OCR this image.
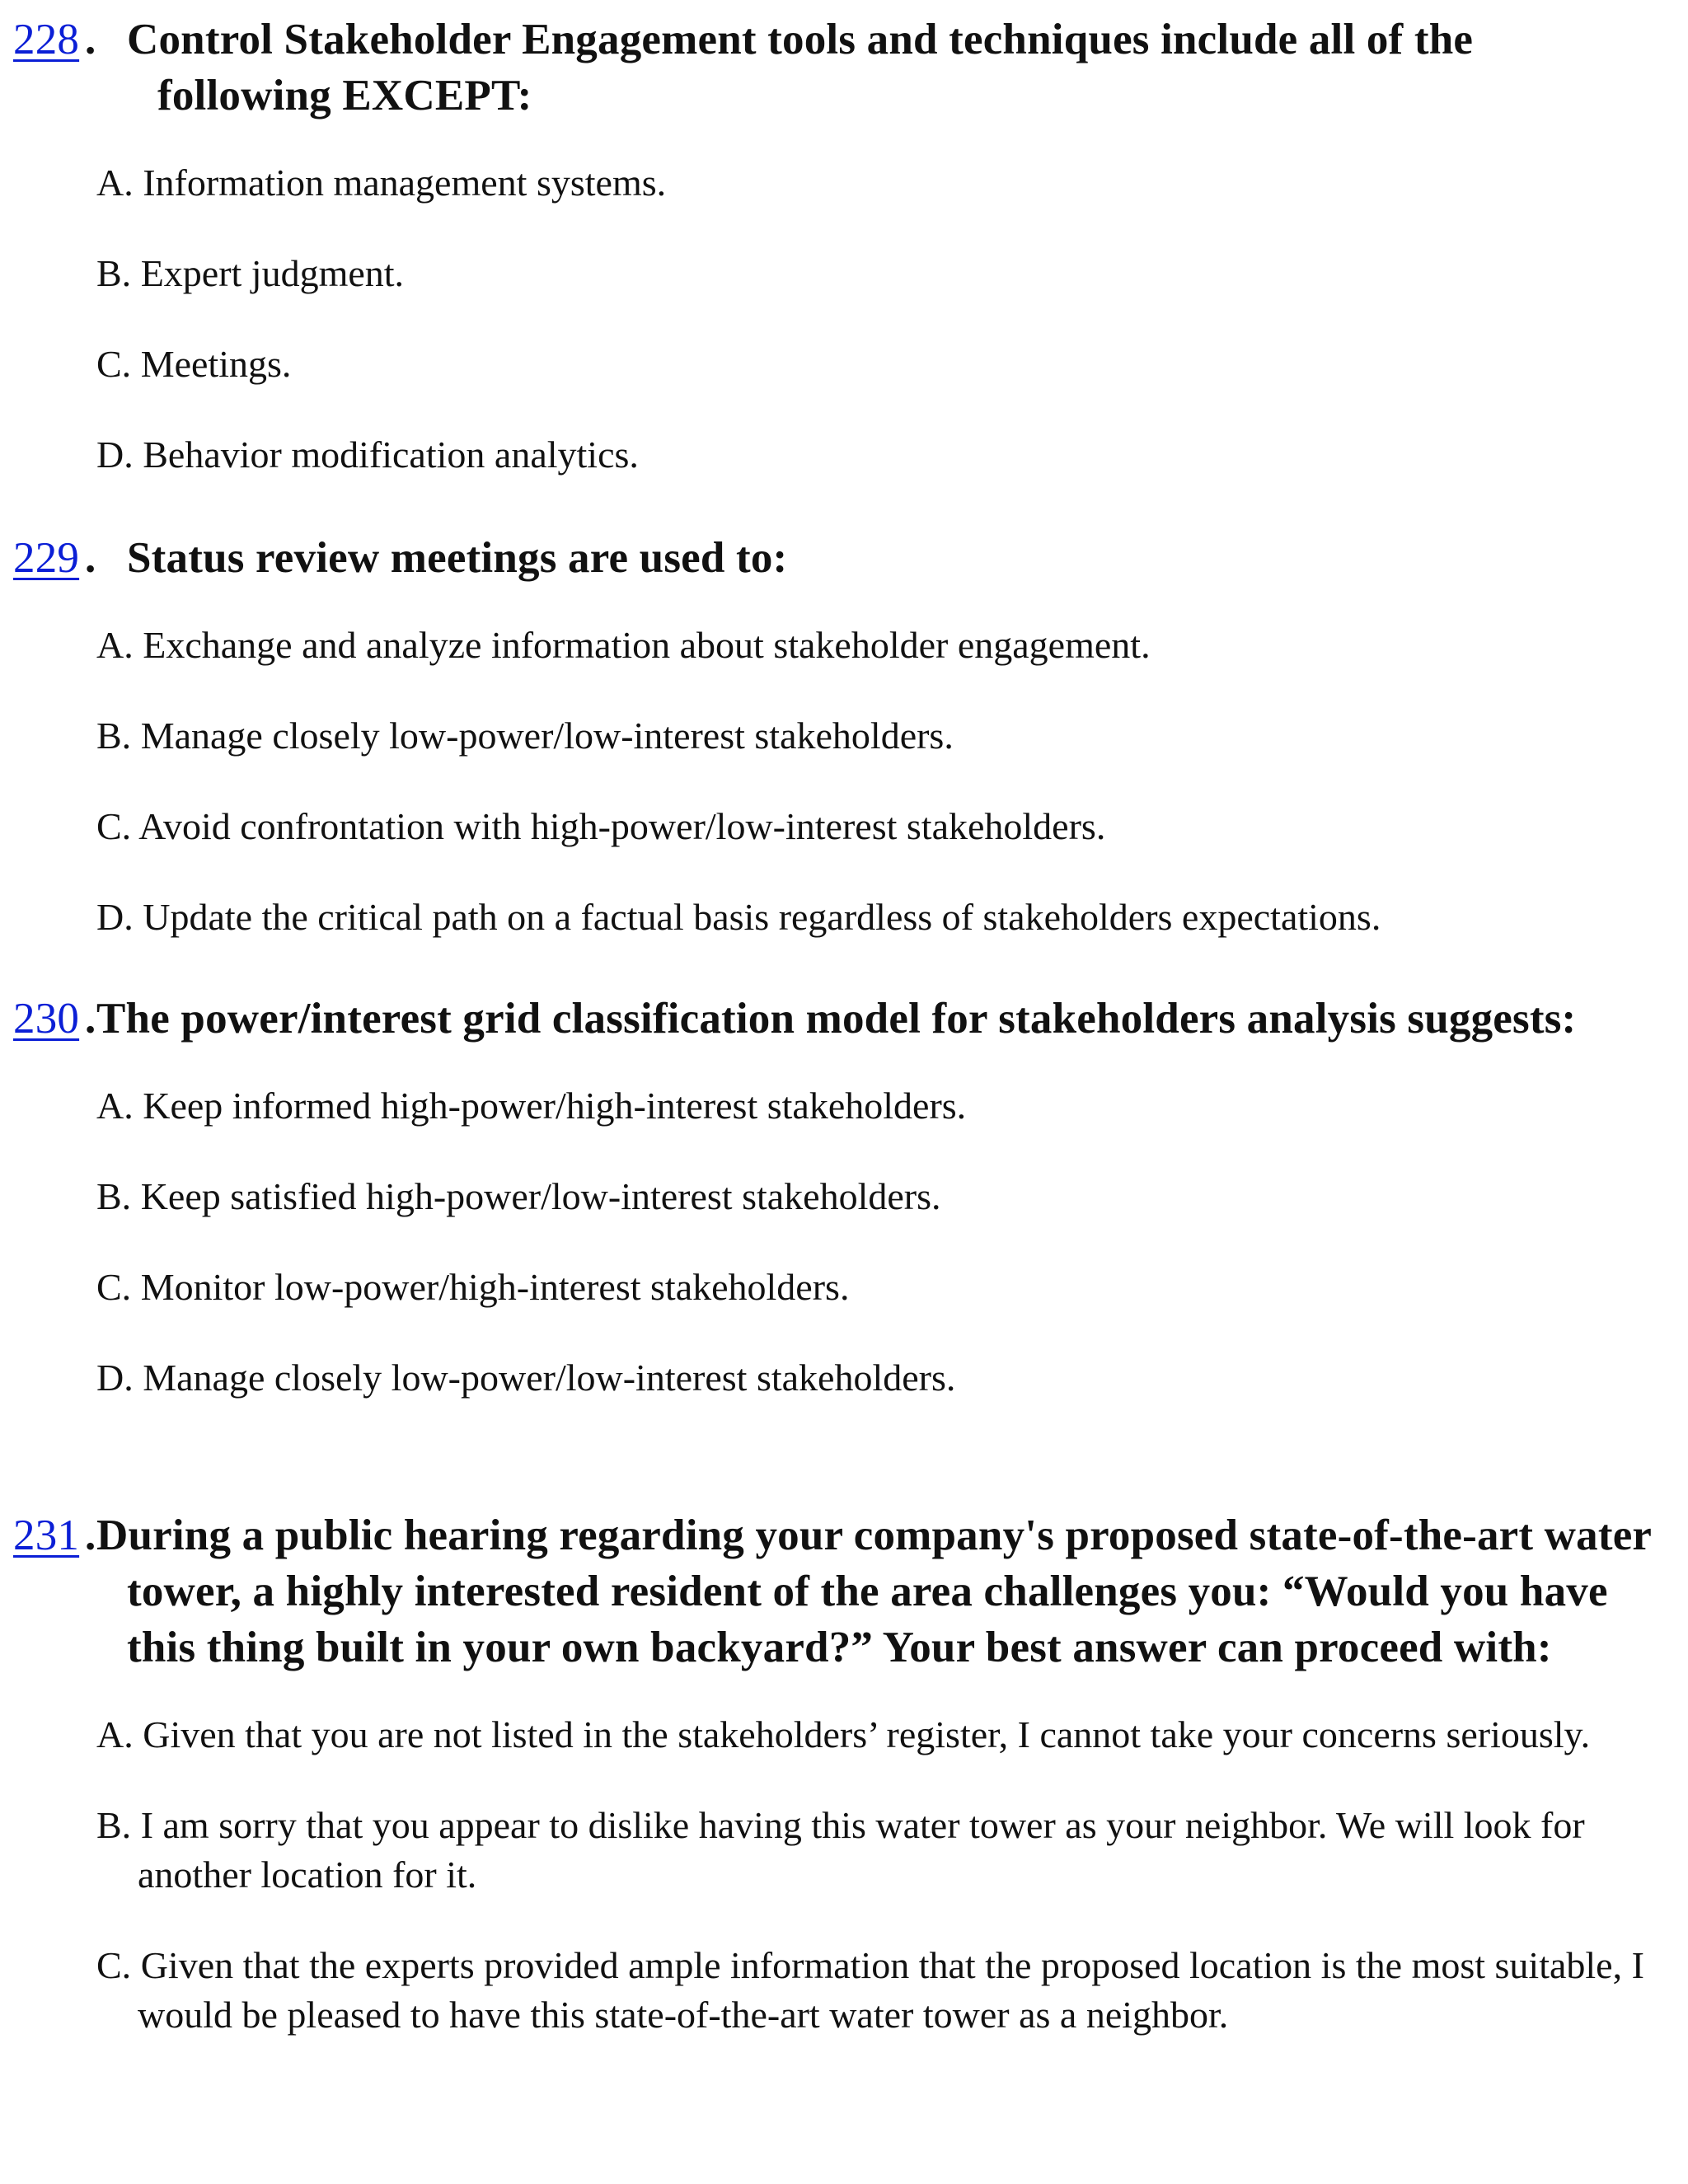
228 . Control Stakeholder Engagement tools and techniques include all of the following EXCEPT:
A. Information management systems.
B. Expert judgment.
C. Meetings.
D. Behavior modification analytics.
229 . Status review meetings are used to:
A. Exchange and analyze information about stakeholder engagement.
B. Manage closely low-power/low-interest stakeholders.
C. Avoid confrontation with high-power/low-interest stakeholders.
D. Update the critical path on a factual basis regardless of stakeholders expectations.
230 . The power/interest grid classification model for stakeholders analysis suggests:
A. Keep informed high-power/high-interest stakeholders.
B. Keep satisfied high-power/low-interest stakeholders.
C. Monitor low-power/high-interest stakeholders.
D. Manage closely low-power/low-interest stakeholders.
231 . During a public hearing regarding your company's proposed state-of-the-art water tower, a highly interested resident of the area challenges you: “Would you have this thing built in your own backyard?” Your best answer can proceed with:
A. Given that you are not listed in the stakeholders’ register, I cannot take your concerns seriously.
B. I am sorry that you appear to dislike having this water tower as your neighbor. We will look for another location for it.
C. Given that the experts provided ample information that the proposed location is the most suitable, I would be pleased to have this state-of-the-art water tower as a neighbor.
